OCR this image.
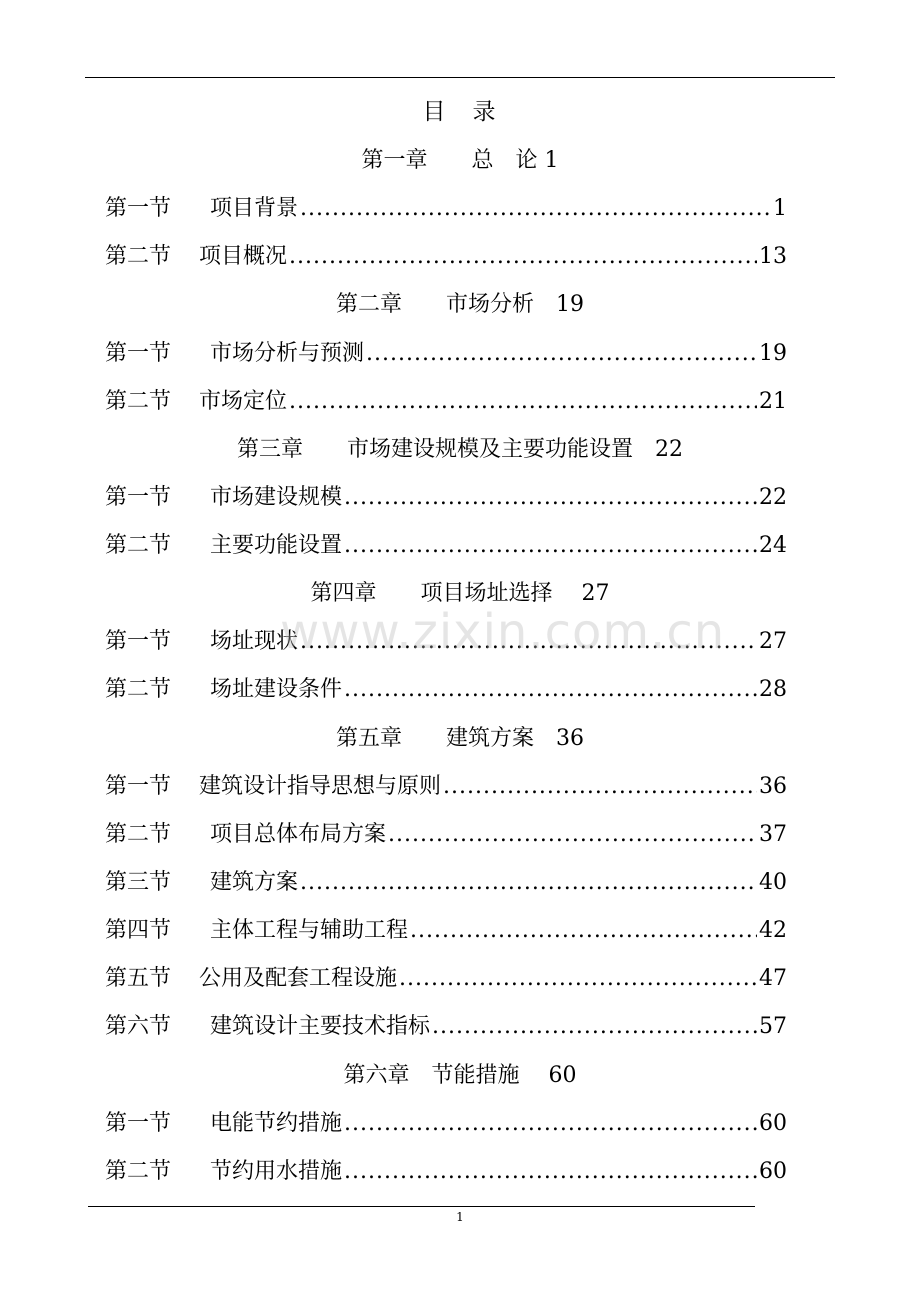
目　录
第一章　　总　论 1
第一节	项目背景 .....	1
第二节	项目概况 .....	13
第二章　　市场分析　19
第一节	市场分析与预测 .....	19
第二节	市场定位 .....	21
第三章　　市场建设规模及主要功能设置　22
第一节	市场建设规模 .....	22
第二节	主要功能设置 .....	24
第四章　　项目场址选择　 27
第一节	场址现状 .....	27
第二节	场址建设条件 .....	28
第五章　　建筑方案　36
第一节	建筑设计指导思想与原则 .....	36
第二节	项目总体布局方案 .....	37
第三节	建筑方案 .....	40
第四节	主体工程与辅助工程 .....	42
第五节	公用及配套工程设施 .....	47
第六节	建筑设计主要技术指标 .....	57
第六章　节能措施　 60
第一节	电能节约措施 .....	60
第二节	节约用水措施 .....	60
www.zixin.com.cn
1
